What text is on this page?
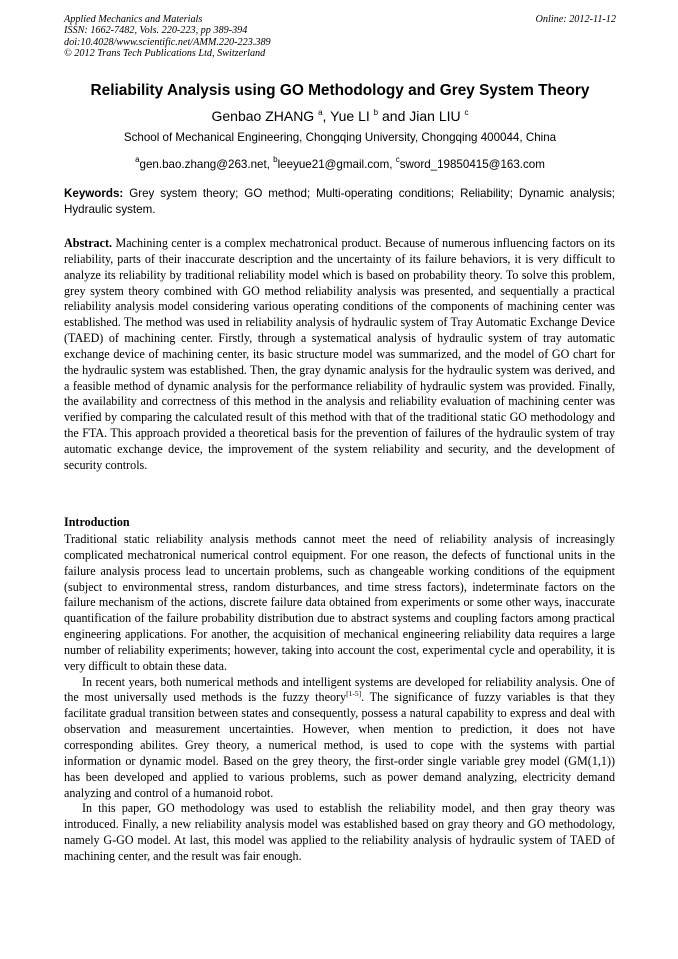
Applied Mechanics and Materials
ISSN: 1662-7482, Vols. 220-223, pp 389-394
doi:10.4028/www.scientific.net/AMM.220-223.389
© 2012 Trans Tech Publications Ltd, Switzerland
Online: 2012-11-12
Reliability Analysis using GO Methodology and Grey System Theory
Genbao ZHANG $^a$, Yue LI $^b$ and Jian LIU $^c$
School of Mechanical Engineering, Chongqing University, Chongqing 400044, China
$^a$gen.bao.zhang@263.net, $^b$leeyue21@gmail.com, $^c$sword_19850415@163.com
Keywords: Grey system theory; GO method; Multi-operating conditions; Reliability; Dynamic analysis; Hydraulic system.
Abstract. Machining center is a complex mechatronical product. Because of numerous influencing factors on its reliability, parts of their inaccurate description and the uncertainty of its failure behaviors, it is very difficult to analyze its reliability by traditional reliability model which is based on probability theory. To solve this problem, grey system theory combined with GO method reliability analysis was presented, and sequentially a practical reliability analysis model considering various operating conditions of the components of machining center was established. The method was used in reliability analysis of hydraulic system of Tray Automatic Exchange Device (TAED) of machining center. Firstly, through a systematical analysis of hydraulic system of tray automatic exchange device of machining center, its basic structure model was summarized, and the model of GO chart for the hydraulic system was established. Then, the gray dynamic analysis for the hydraulic system was derived, and a feasible method of dynamic analysis for the performance reliability of hydraulic system was provided. Finally, the availability and correctness of this method in the analysis and reliability evaluation of machining center was verified by comparing the calculated result of this method with that of the traditional static GO methodology and the FTA. This approach provided a theoretical basis for the prevention of failures of the hydraulic system of tray automatic exchange device, the improvement of the system reliability and security, and the development of security controls.
Introduction

Traditional static reliability analysis methods cannot meet the need of reliability analysis of increasingly complicated mechatronical numerical control equipment. For one reason, the defects of functional units in the failure analysis process lead to uncertain problems, such as changeable working conditions of the equipment (subject to environmental stress, random disturbances, and time stress factors), indeterminate factors on the failure mechanism of the actions, discrete failure data obtained from experiments or some other ways, inaccurate quantification of the failure probability distribution due to abstract systems and coupling factors among practical engineering applications. For another, the acquisition of mechanical engineering reliability data requires a large number of reliability experiments; however, taking into account the cost, experimental cycle and operability, it is very difficult to obtain these data.

In recent years, both numerical methods and intelligent systems are developed for reliability analysis. One of the most universally used methods is the fuzzy theory[1-5]. The significance of fuzzy variables is that they facilitate gradual transition between states and consequently, possess a natural capability to express and deal with observation and measurement uncertainties. However, when mention to prediction, it does not have corresponding abilites. Grey theory, a numerical method, is used to cope with the systems with partial information or dynamic model. Based on the grey theory, the first-order single variable grey model (GM(1,1)) has been developed and applied to various problems, such as power demand analyzing, electricity demand analyzing and control of a humanoid robot.

In this paper, GO methodology was used to establish the reliability model, and then gray theory was introduced. Finally, a new reliability analysis model was established based on gray theory and GO methodology, namely G-GO model. At last, this model was applied to the reliability analysis of hydraulic system of TAED of machining center, and the result was fair enough.
